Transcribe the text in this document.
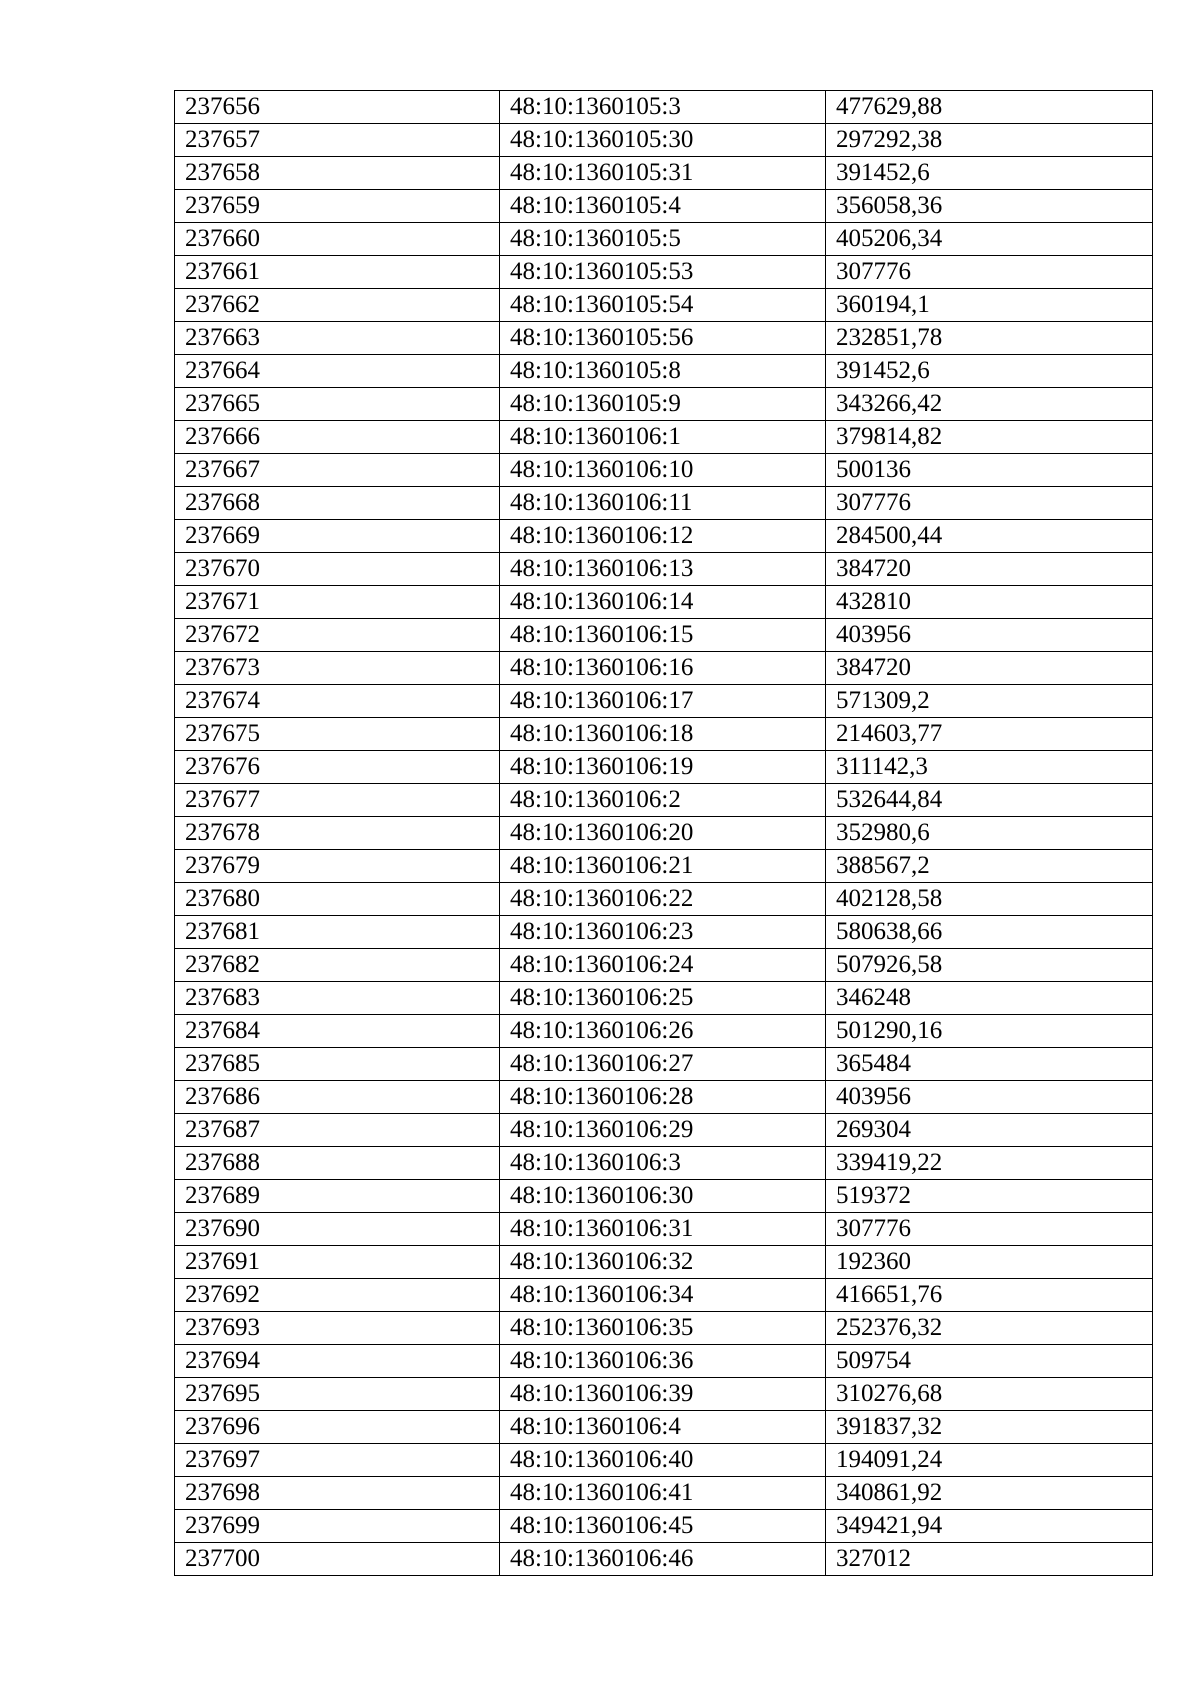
237656	48:10:1360105:3	477629,88
237657	48:10:1360105:30	297292,38
237658	48:10:1360105:31	391452,6
237659	48:10:1360105:4	356058,36
237660	48:10:1360105:5	405206,34
237661	48:10:1360105:53	307776
237662	48:10:1360105:54	360194,1
237663	48:10:1360105:56	232851,78
237664	48:10:1360105:8	391452,6
237665	48:10:1360105:9	343266,42
237666	48:10:1360106:1	379814,82
237667	48:10:1360106:10	500136
237668	48:10:1360106:11	307776
237669	48:10:1360106:12	284500,44
237670	48:10:1360106:13	384720
237671	48:10:1360106:14	432810
237672	48:10:1360106:15	403956
237673	48:10:1360106:16	384720
237674	48:10:1360106:17	571309,2
237675	48:10:1360106:18	214603,77
237676	48:10:1360106:19	311142,3
237677	48:10:1360106:2	532644,84
237678	48:10:1360106:20	352980,6
237679	48:10:1360106:21	388567,2
237680	48:10:1360106:22	402128,58
237681	48:10:1360106:23	580638,66
237682	48:10:1360106:24	507926,58
237683	48:10:1360106:25	346248
237684	48:10:1360106:26	501290,16
237685	48:10:1360106:27	365484
237686	48:10:1360106:28	403956
237687	48:10:1360106:29	269304
237688	48:10:1360106:3	339419,22
237689	48:10:1360106:30	519372
237690	48:10:1360106:31	307776
237691	48:10:1360106:32	192360
237692	48:10:1360106:34	416651,76
237693	48:10:1360106:35	252376,32
237694	48:10:1360106:36	509754
237695	48:10:1360106:39	310276,68
237696	48:10:1360106:4	391837,32
237697	48:10:1360106:40	194091,24
237698	48:10:1360106:41	340861,92
237699	48:10:1360106:45	349421,94
237700	48:10:1360106:46	327012
